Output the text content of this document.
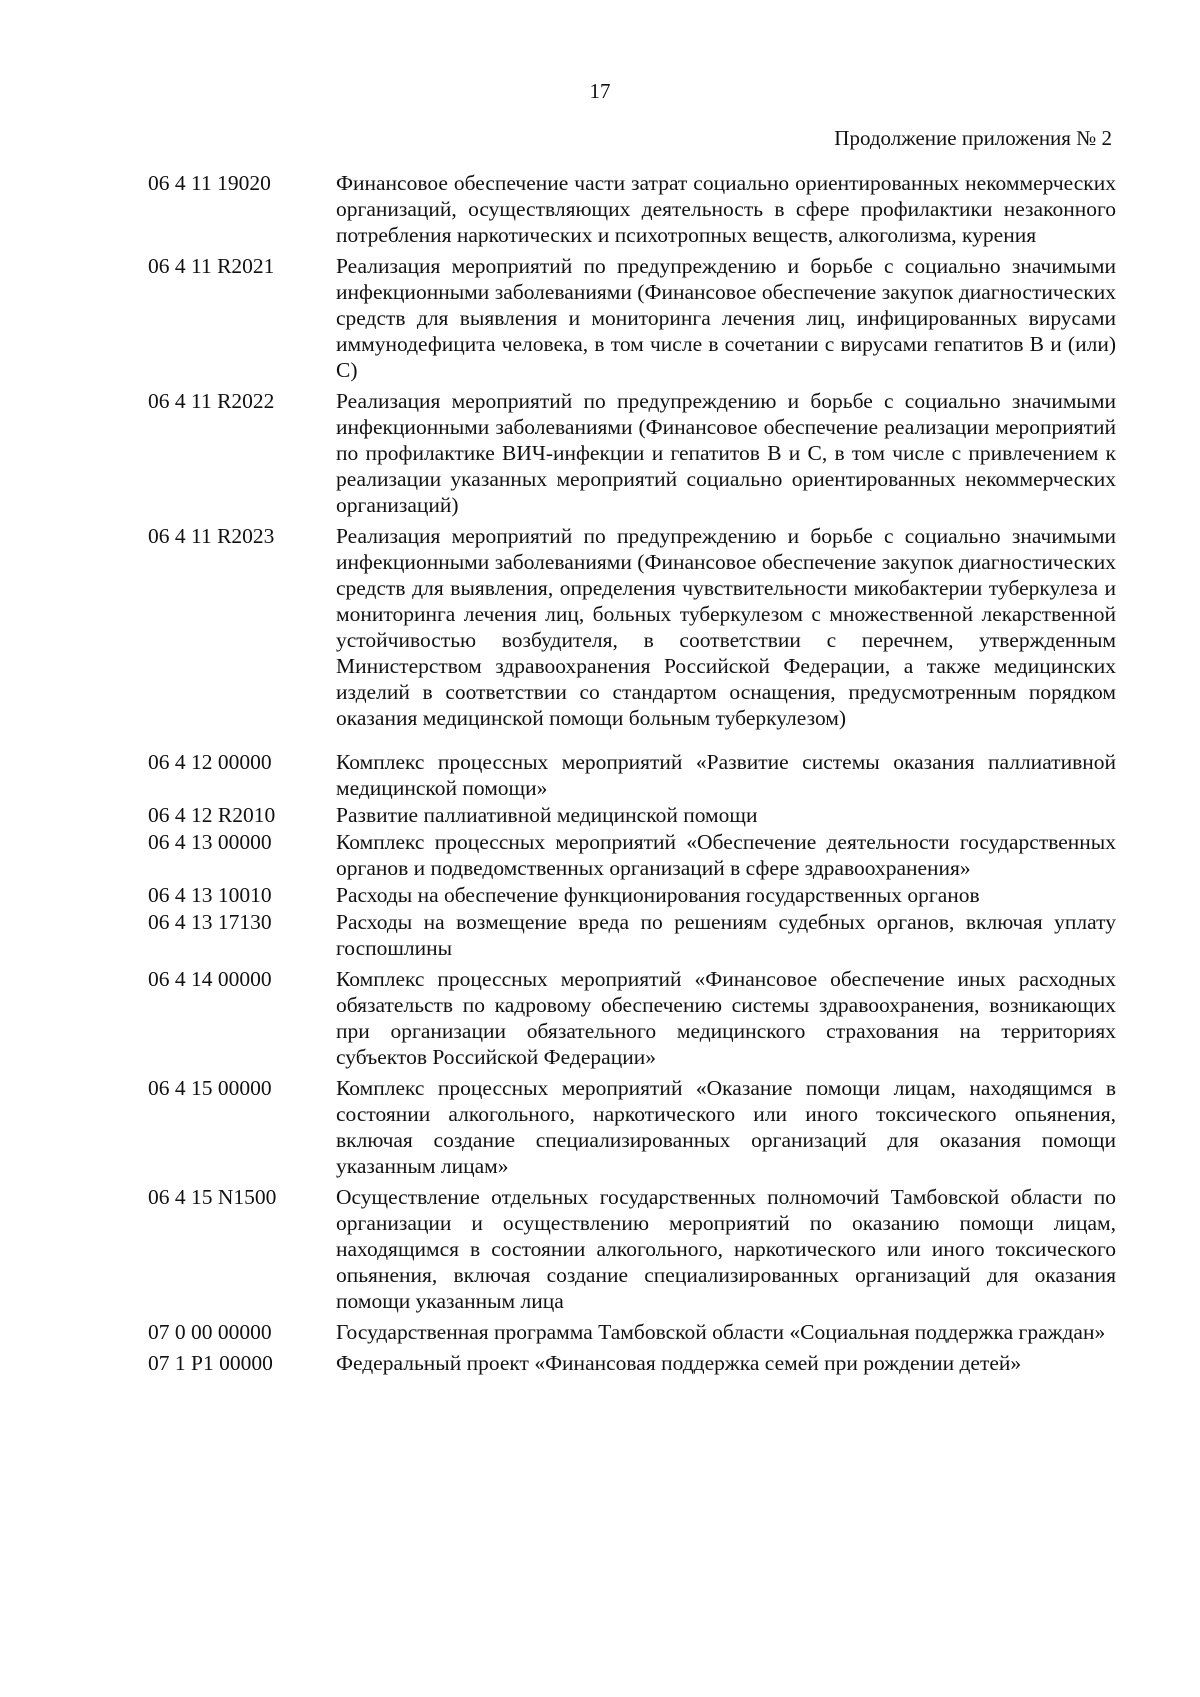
17
Продолжение приложения № 2
06 4 11 19020	Финансовое обеспечение части затрат социально ориентированных некоммерческих организаций, осуществляющих деятельность в сфере профилактики незаконного потребления наркотических и психотропных веществ, алкоголизма, курения
06 4 11 R2021	Реализация мероприятий по предупреждению и борьбе с социально значимыми инфекционными заболеваниями (Финансовое обеспечение закупок диагностических средств для выявления и мониторинга лечения лиц, инфицированных вирусами иммунодефицита человека, в том числе в сочетании с вирусами гепатитов В и (или) С)
06 4 11 R2022	Реализация мероприятий по предупреждению и борьбе с социально значимыми инфекционными заболеваниями (Финансовое обеспечение реализации мероприятий по профилактике ВИЧ-инфекции и гепатитов В и С, в том числе с привлечением к реализации указанных мероприятий социально ориентированных некоммерческих организаций)
06 4 11 R2023	Реализация мероприятий по предупреждению и борьбе с социально значимыми инфекционными заболеваниями (Финансовое обеспечение закупок диагностических средств для выявления, определения чувствительности микобактерии туберкулеза и мониторинга лечения лиц, больных туберкулезом с множественной лекарственной устойчивостью возбудителя, в соответствии с перечнем, утвержденным Министерством здравоохранения Российской Федерации, а также медицинских изделий в соответствии со стандартом оснащения, предусмотренным порядком оказания медицинской помощи больным туберкулезом)
06 4 12 00000	Комплекс процессных мероприятий «Развитие системы оказания паллиативной медицинской помощи»
06 4 12 R2010	Развитие паллиативной медицинской помощи
06 4 13 00000	Комплекс процессных мероприятий «Обеспечение деятельности государственных органов и подведомственных организаций в сфере здравоохранения»
06 4 13 10010	Расходы на обеспечение функционирования государственных органов
06 4 13 17130	Расходы на возмещение вреда по решениям судебных органов, включая уплату госпошлины
06 4 14 00000	Комплекс процессных мероприятий «Финансовое обеспечение иных расходных обязательств по кадровому обеспечению системы здравоохранения, возникающих при организации обязательного медицинского страхования на территориях субъектов Российской Федерации»
06 4 15 00000	Комплекс процессных мероприятий «Оказание помощи лицам, находящимся в состоянии алкогольного, наркотического или иного токсического опьянения, включая создание специализированных организаций для оказания помощи указанным лицам»
06 4 15 N1500	Осуществление отдельных государственных полномочий Тамбовской области по организации и осуществлению мероприятий по оказанию помощи лицам, находящимся в состоянии алкогольного, наркотического или иного токсического опьянения, включая создание специализированных организаций для оказания помощи указанным лица
07 0 00 00000	Государственная программа Тамбовской области «Социальная поддержка граждан»
07 1 Р1 00000	Федеральный проект «Финансовая поддержка семей при рождении детей»
